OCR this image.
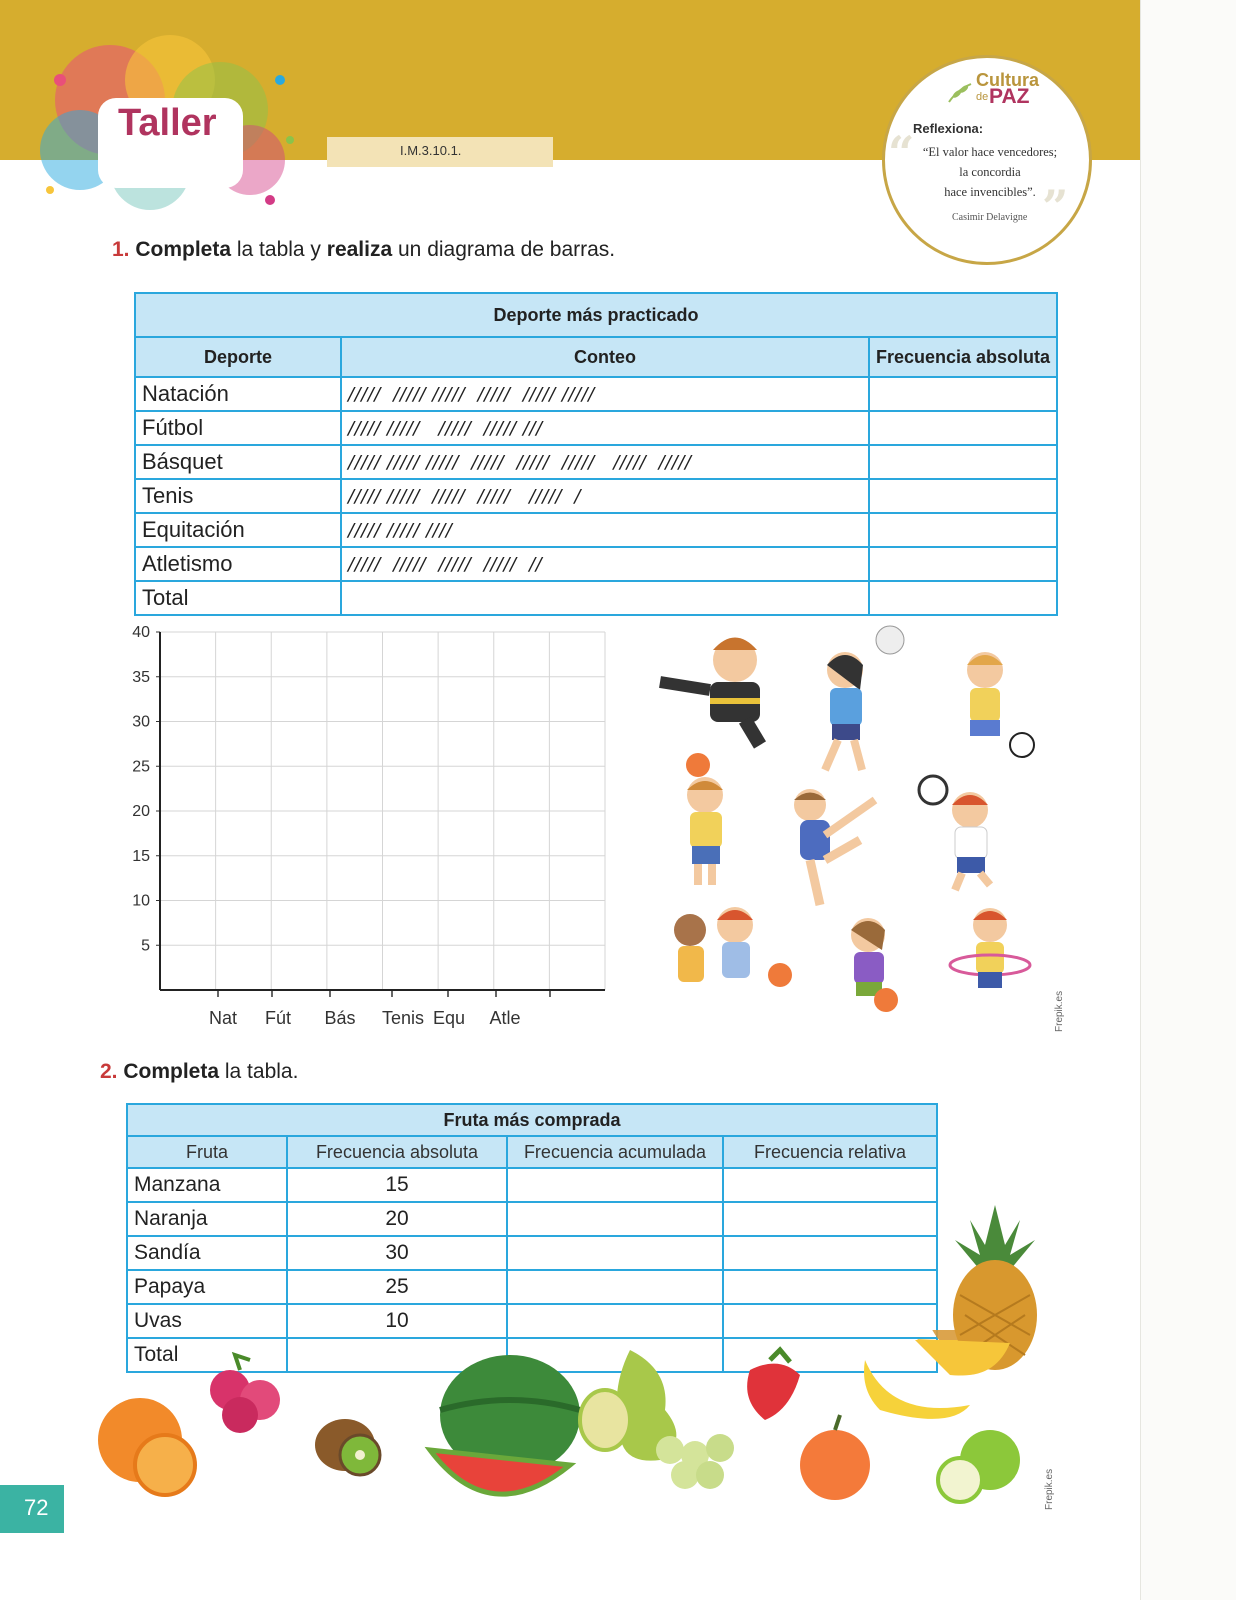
Taller
I.M.3.10.1.
Cultura
de PAZ
Reflexiona:
“ “El valor hace vencedores;
la concordia
hace invencibles”.
Casimir Delavigne ”
1. Completa la tabla y realiza un diagrama de barras.
Deporte más practicado		
Deporte	Conteo	Frecuencia absoluta
Natación	/////  ///// /////  /////  ///// /////	
Fútbol	///// /////   /////  ///// ///	
Básquet	///// ///// /////  /////  /////  /////   /////  /////	
Tenis	///// /////  /////  /////   /////  /	
Equitación	///// ///// ////	
Atletismo	/////  /////  /////  /////  //	
Total		
5
10
15
20
25
30
35
40
Nat Fút Bás Tenis Equ Atle	Frepik.es
2. Completa la tabla.
Fruta más comprada			
Fruta	Frecuencia absoluta	Frecuencia acumulada	Frecuencia relativa
Manzana	15		
Naranja	20		
Sandía	30		
Papaya	25		
Uvas	10		
Total			
Frepik.es
72
